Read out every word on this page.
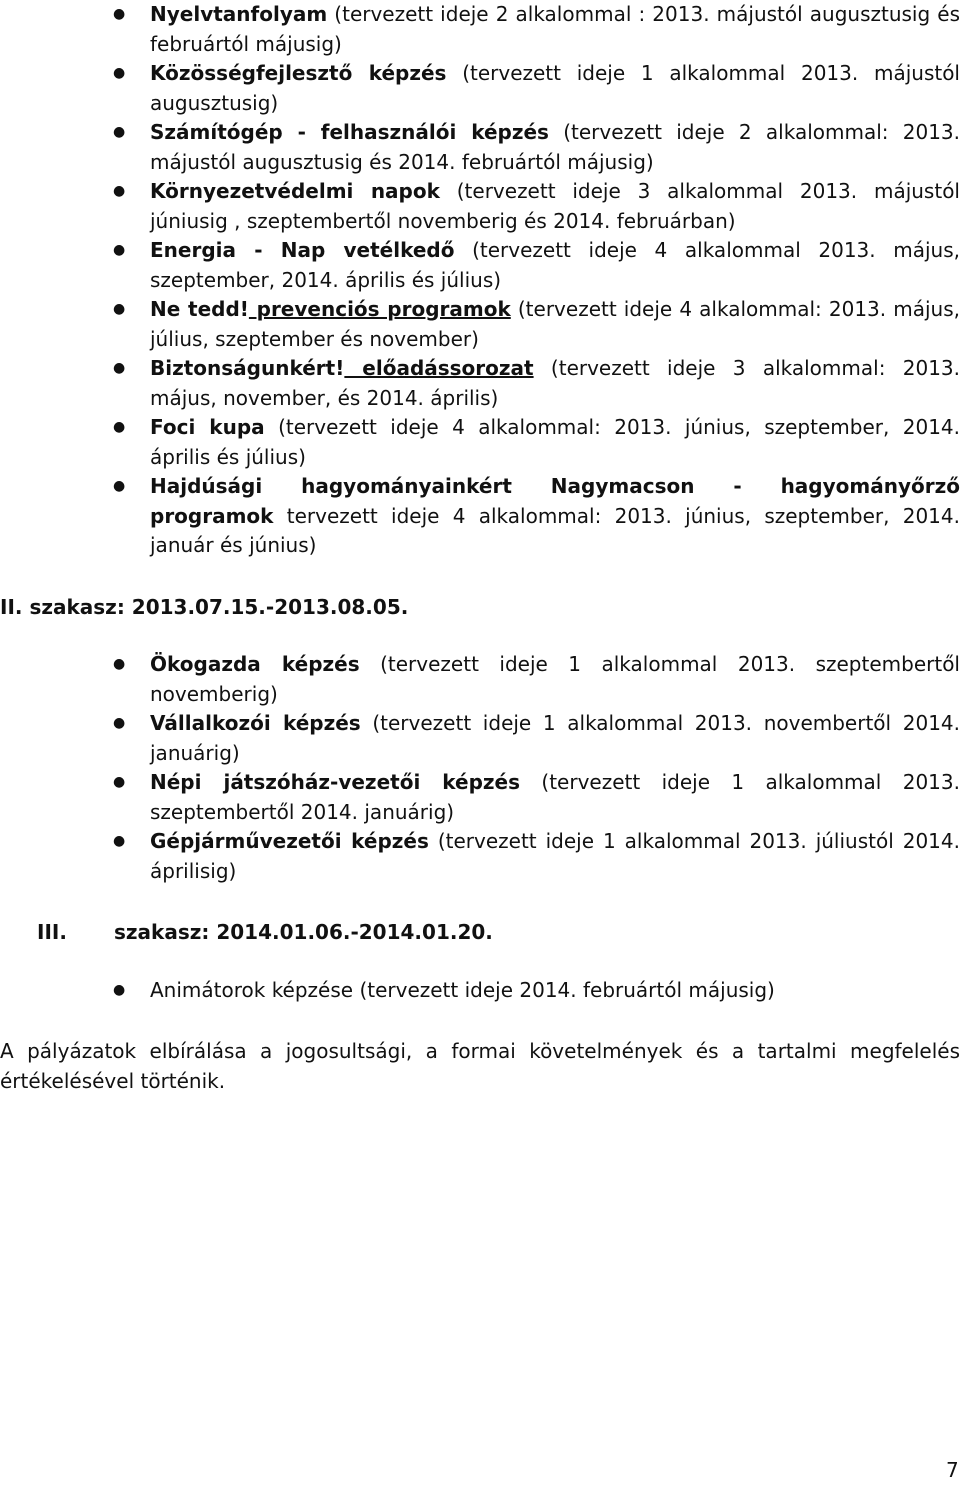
● Nyelvtanfolyam (tervezett ideje 2 alkalommal : 2013. májustól augusztusig és februártól májusig)
● Közösségfejlesztő képzés (tervezett ideje 1 alkalommal 2013. májustól augusztusig)
● Számítógép - felhasználói képzés (tervezett ideje 2 alkalommal: 2013. májustól augusztusig és 2014. februártól májusig)
● Környezetvédelmi napok (tervezett ideje 3 alkalommal 2013. májustól júniusig , szeptembertől novemberig és 2014. februárban)
● Energia - Nap vetélkedő (tervezett ideje 4 alkalommal 2013. május, szeptember, 2014. április és július)
● Ne tedd! prevenciós programok (tervezett ideje 4 alkalommal: 2013. május, július, szeptember és november)
● Biztonságunkért! előadássorozat (tervezett ideje 3 alkalommal: 2013. május, november, és 2014. április)
● Foci kupa (tervezett ideje 4 alkalommal: 2013. június, szeptember, 2014. április és július)
● Hajdúsági hagyományainkért Nagymacson - hagyományőrző programok tervezett ideje 4 alkalommal: 2013. június, szeptember, 2014. január és június)
II. szakasz: 2013.07.15.-2013.08.05.
● Ökogazda képzés (tervezett ideje 1 alkalommal 2013. szeptembertől novemberig)
● Vállalkozói képzés (tervezett ideje 1 alkalommal 2013. novembertől 2014. januárig)
● Népi játszóház-vezetői képzés (tervezett ideje 1 alkalommal 2013. szeptembertől 2014. januárig)
● Gépjárművezetői képzés (tervezett ideje 1 alkalommal 2013. júliustól 2014. áprilisig)
III. szakasz: 2014.01.06.-2014.01.20.
● Animátorok képzése (tervezett ideje 2014. februártól májusig)
A pályázatok elbírálása a jogosultsági, a formai követelmények és a tartalmi megfelelés értékelésével történik.
7
